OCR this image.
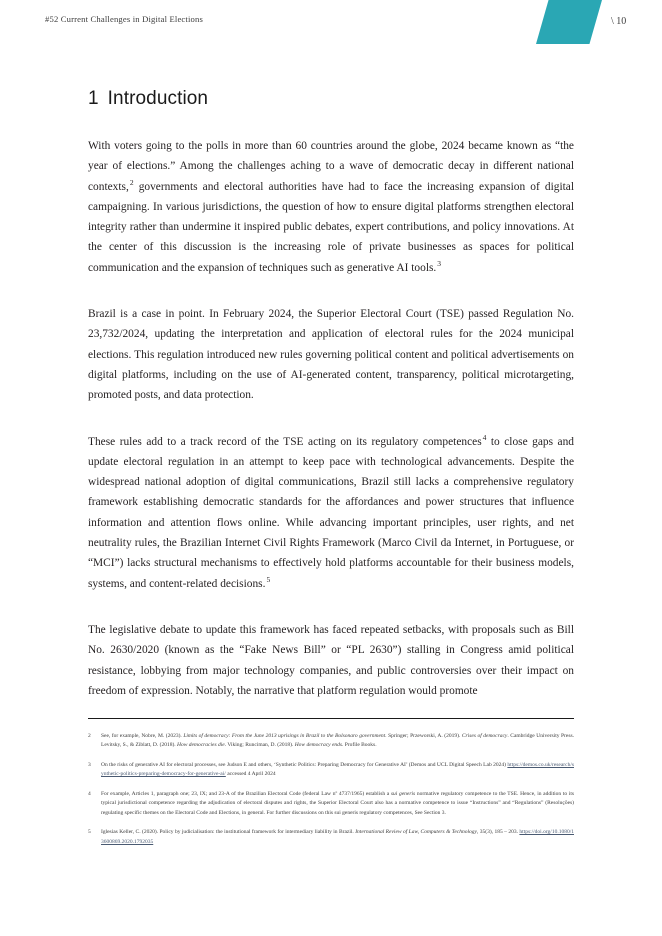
#52 Current Challenges in Digital Elections	\ 10
1 Introduction

With voters going to the polls in more than 60 countries around the globe, 2024 became known as “the year of elections.” Among the challenges aching to a wave of democratic decay in different national contexts,$^2$ governments and electoral authorities have had to face the increasing expansion of digital campaigning. In various jurisdictions, the question of how to ensure digital platforms strengthen electoral integrity rather than undermine it inspired public debates, expert contributions, and policy innovations. At the center of this discussion is the increasing role of private businesses as spaces for political communication and the expansion of techniques such as generative AI tools.$^3$

Brazil is a case in point. In February 2024, the Superior Electoral Court (TSE) passed Regulation No. 23,732/2024, updating the interpretation and application of electoral rules for the 2024 municipal elections. This regulation introduced new rules governing political content and political advertisements on digital platforms, including on the use of AI-generated content, transparency, political microtargeting, promoted posts, and data protection.

These rules add to a track record of the TSE acting on its regulatory competences$^4$ to close gaps and update electoral regulation in an attempt to keep pace with technological advancements. Despite the widespread national adoption of digital communications, Brazil still lacks a comprehensive regulatory framework establishing democratic standards for the affordances and power structures that influence information and attention flows online. While advancing important principles, user rights, and net neutrality rules, the Brazilian Internet Civil Rights Framework (Marco Civil da Internet, in Portuguese, or “MCI”) lacks structural mechanisms to effectively hold platforms accountable for their business models, systems, and content-related decisions.$^5$

The legislative debate to update this framework has faced repeated setbacks, with proposals such as Bill No. 2630/2020 (known as the “Fake News Bill” or “PL 2630”) stalling in Congress amid political resistance, lobbying from major technology companies, and public controversies over their impact on freedom of expression. Notably, the narrative that platform regulation would promote

2	See, for example, Nobre, M. (2023). Limits of democracy: From the June 2013 uprisings in Brazil to the Bolsonaro government. Springer; Przeworski, A. (2019). Crises of democracy. Cambridge University Press. Levitsky, S., & Ziblatt, D. (2018). How democracies die. Viking; Runciman, D. (2018). How democracy ends. Profile Books.
3	On the risks of generative AI for electoral processes, see Judson E and others, ‘Synthetic Politics: Preparing Democracy for Generative AI’ (Demos and UCL Digital Speech Lab 2024) https://demos.co.uk/research/synthetic-politics-preparing-democracy-for-generative-ai/ accessed 4 April 2024
4	For example, Articles 1, paragraph one; 23, IX; and 23-A of the Brazilian Electoral Code (federal Law nº 4737/1965) establish a sui generis normative regulatory competence to the TSE. Hence, in addition to its typical jurisdictional competence regarding the adjudication of electoral disputes and rights, the Superior Electoral Court also has a normative competence to issue “Instructions” and “Regulations” (Resoluções) regulating specific themes on the Electoral Code and Elections, in general. For further discussions on this sui generis regulatory competences, See Section 3.
5	Iglesias Keller, C. (2020). Policy by judicialisation: the institutional framework for intermediary liability in Brazil. International Review of Law, Computers & Technology, 35(3), 185 – 203. https://doi.org/10.1080/13600869.2020.1792035
